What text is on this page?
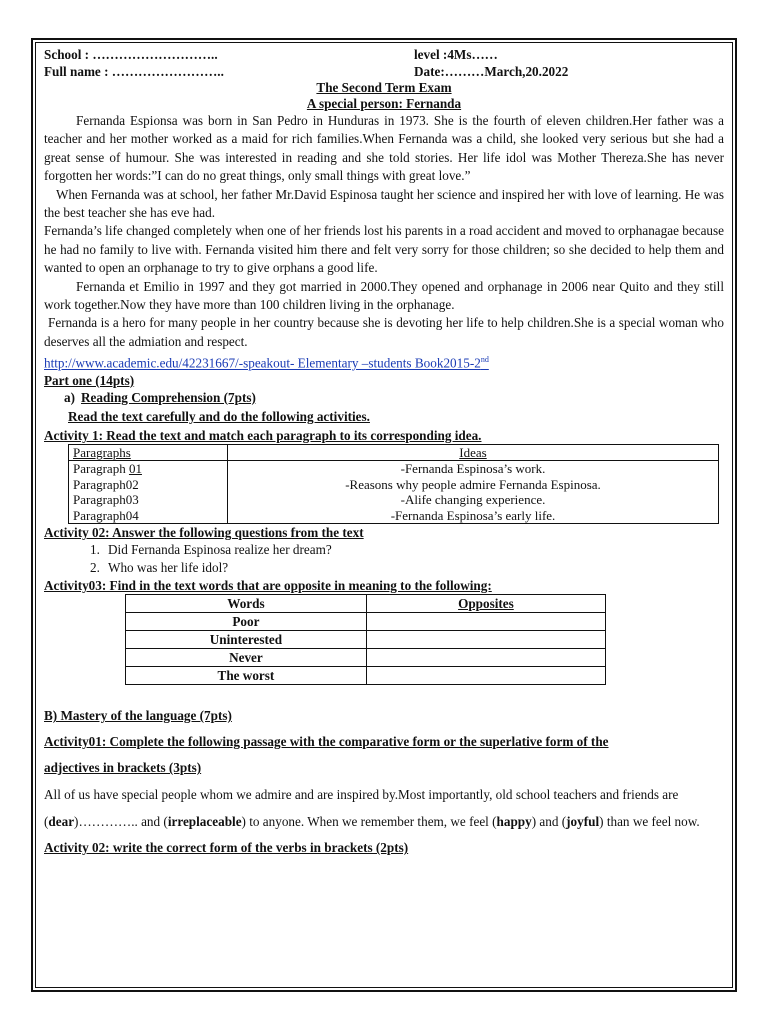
School : ………………………..	level :4Ms……
Full name : ……………………..	Date:………March,20.2022
The Second Term Exam
A special person: Fernanda

Fernanda Espionsa was born in San Pedro in Hunduras in 1973. She is the fourth of eleven children.Her father was a teacher and her mother worked as a maid for rich families.When Fernanda was a child, she looked very serious but she had a great sense of humour. She was interested in reading and she told stories. Her life idol was Mother Thereza.She has never forgotten her words:”I can do no great things, only small things with great love.”

When Fernanda was at school, her father Mr.David Espinosa taught her science and inspired her with love of learning. He was the best teacher she has eve had.

Fernanda’s life changed completely when one of her friends lost his parents in a road accident and moved to orphanagae because he had no family to live with. Fernanda visited him there and felt very sorry for those children; so she decided to help them and wanted to open an orphanage to try to give orphans a good life.

Fernanda et Emilio in 1997 and they got married in 2000.They opened and orphanage in 2006 near Quito and they still work together.Now they have more than 100 children living in the orphanage.

Fernanda is a hero for many people in her country because she is devoting her life to help children.She is a special woman who deserves all the admiation and respect.

http://www.academic.edu/42231667/-speakout- Elementary –students Book2015-2nd

Part one (14pts)

a) Reading Comprehension (7pts)
Read the text carefully and do the following activities.

Activity 1: Read the text and match each paragraph to its corresponding idea.

Paragraphs	Ideas
Paragraph 01	-Fernanda Espinosa’s work.
Paragraph02	-Reasons why people admire Fernanda Espinosa.
Paragraph03	-Alife changing experience.
Paragraph04	-Fernanda Espinosa’s early life.

Activity 02: Answer the following questions from the text

1. Did Fernanda Espinosa realize her dream?
2. Who was her life idol?

Activity03: Find in the text words that are opposite in meaning to the following:

Words	Opposites
Poor	
Uninterested	
Never	
The worst	

B) Mastery of the language (7pts)

Activity01: Complete the following passage with the comparative form or the superlative form of the

adjectives in brackets (3pts)

All of us have special people whom we admire and are inspired by.Most importantly, old school teachers and friends are (dear)………….. and (irreplaceable) to anyone. When we remember them, we feel (happy) and (joyful) than we feel now.

Activity 02: write the correct form of the verbs in brackets (2pts)
